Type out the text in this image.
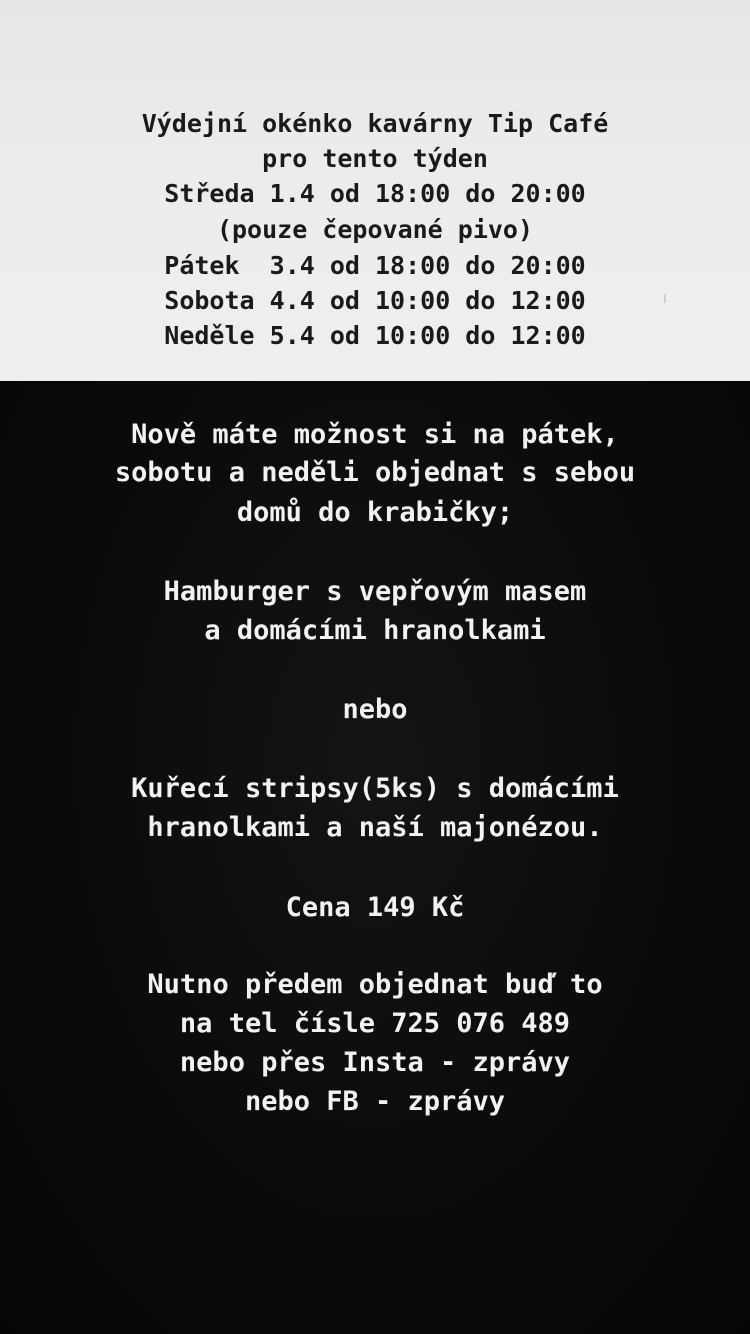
Výdejní okénko kavárny Tip Café
pro tento týden
Středa 1.4 od 18:00 do 20:00
(pouze čepované pivo)
Pátek  3.4 od 18:00 do 20:00
Sobota 4.4 od 10:00 do 12:00
Neděle 5.4 od 10:00 do 12:00
Nově máte možnost si na pátek,
sobotu a neděli objednat s sebou
domů do krabičky;
Hamburger s vepřovým masem
a domácími hranolkami
nebo
Kuřecí stripsy(5ks) s domácími
hranolkami a naší majonézou.
Cena 149 Kč
Nutno předem objednat buď to
na tel čísle 725 076 489
nebo přes Insta - zprávy
nebo FB - zprávy
